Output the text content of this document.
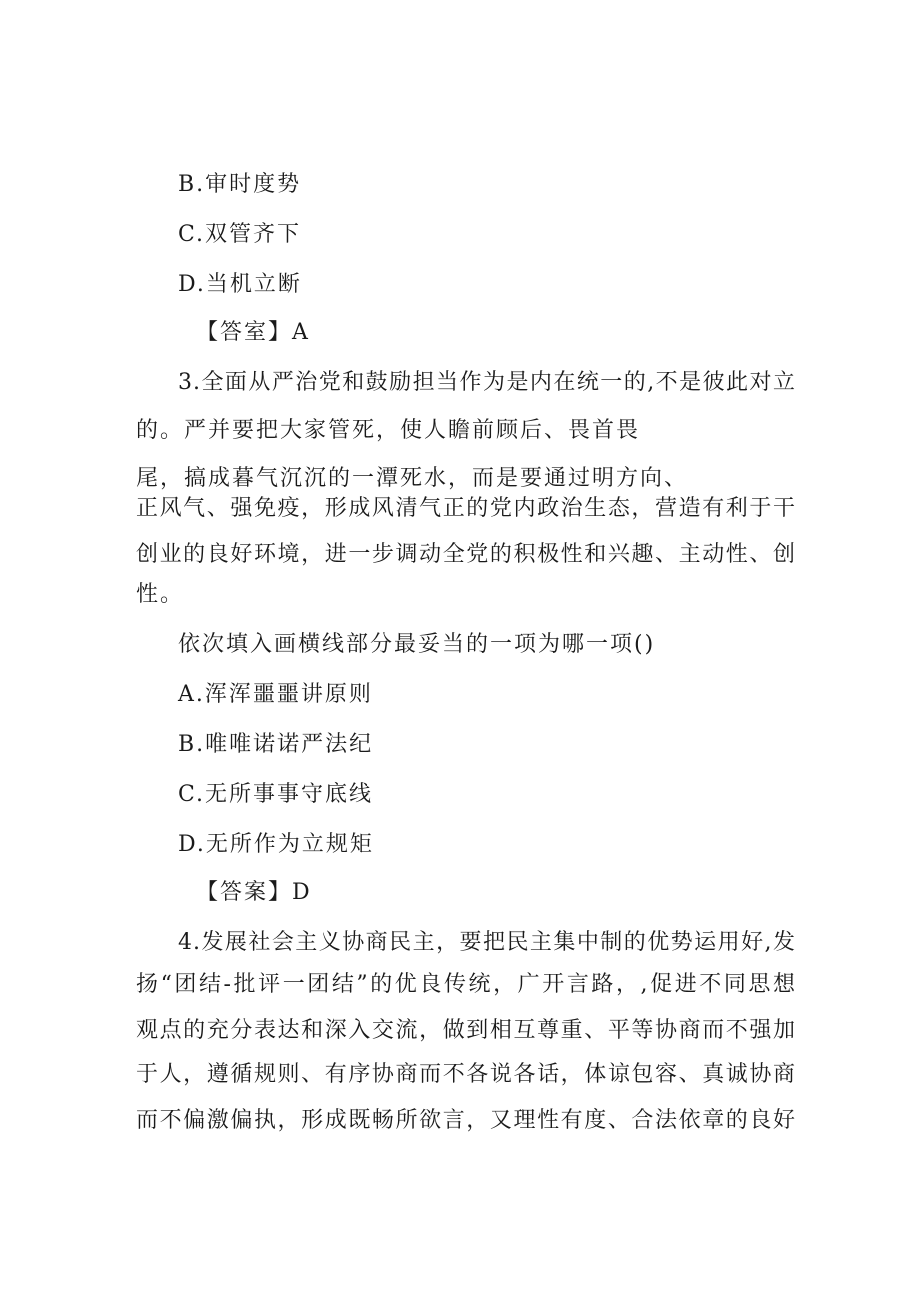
B.审时度势
C.双管齐下
D.当机立断
【答室】A
3.全面从严治党和鼓励担当作为是内在统一的,不是彼此对立
的。严并要把大家管死，使人瞻前顾后、畏首畏
尾，搞成暮气沉沉的一潭死水，而是要通过明方向、
正风气、强免疫，形成风清气正的党内政治生态，营造有利于干
创业的良好环境，进一步调动全党的积极性和兴趣、主动性、创
性。
依次填入画横线部分最妥当的一项为哪一项()
A.浑浑噩噩讲原则
B.唯唯诺诺严法纪
C.无所事事守底线
D.无所作为立规矩
【答案】D
4.发展社会主义协商民主，要把民主集中制的优势运用好,发
扬“团结-批评一团结”的优良传统，广开言路，,促进不同思想
观点的充分表达和深入交流，做到相互尊重、平等协商而不强加
于人，遵循规则、有序协商而不各说各话，体谅包容、真诚协商
而不偏激偏执，形成既畅所欲言，又理性有度、合法依章的良好
